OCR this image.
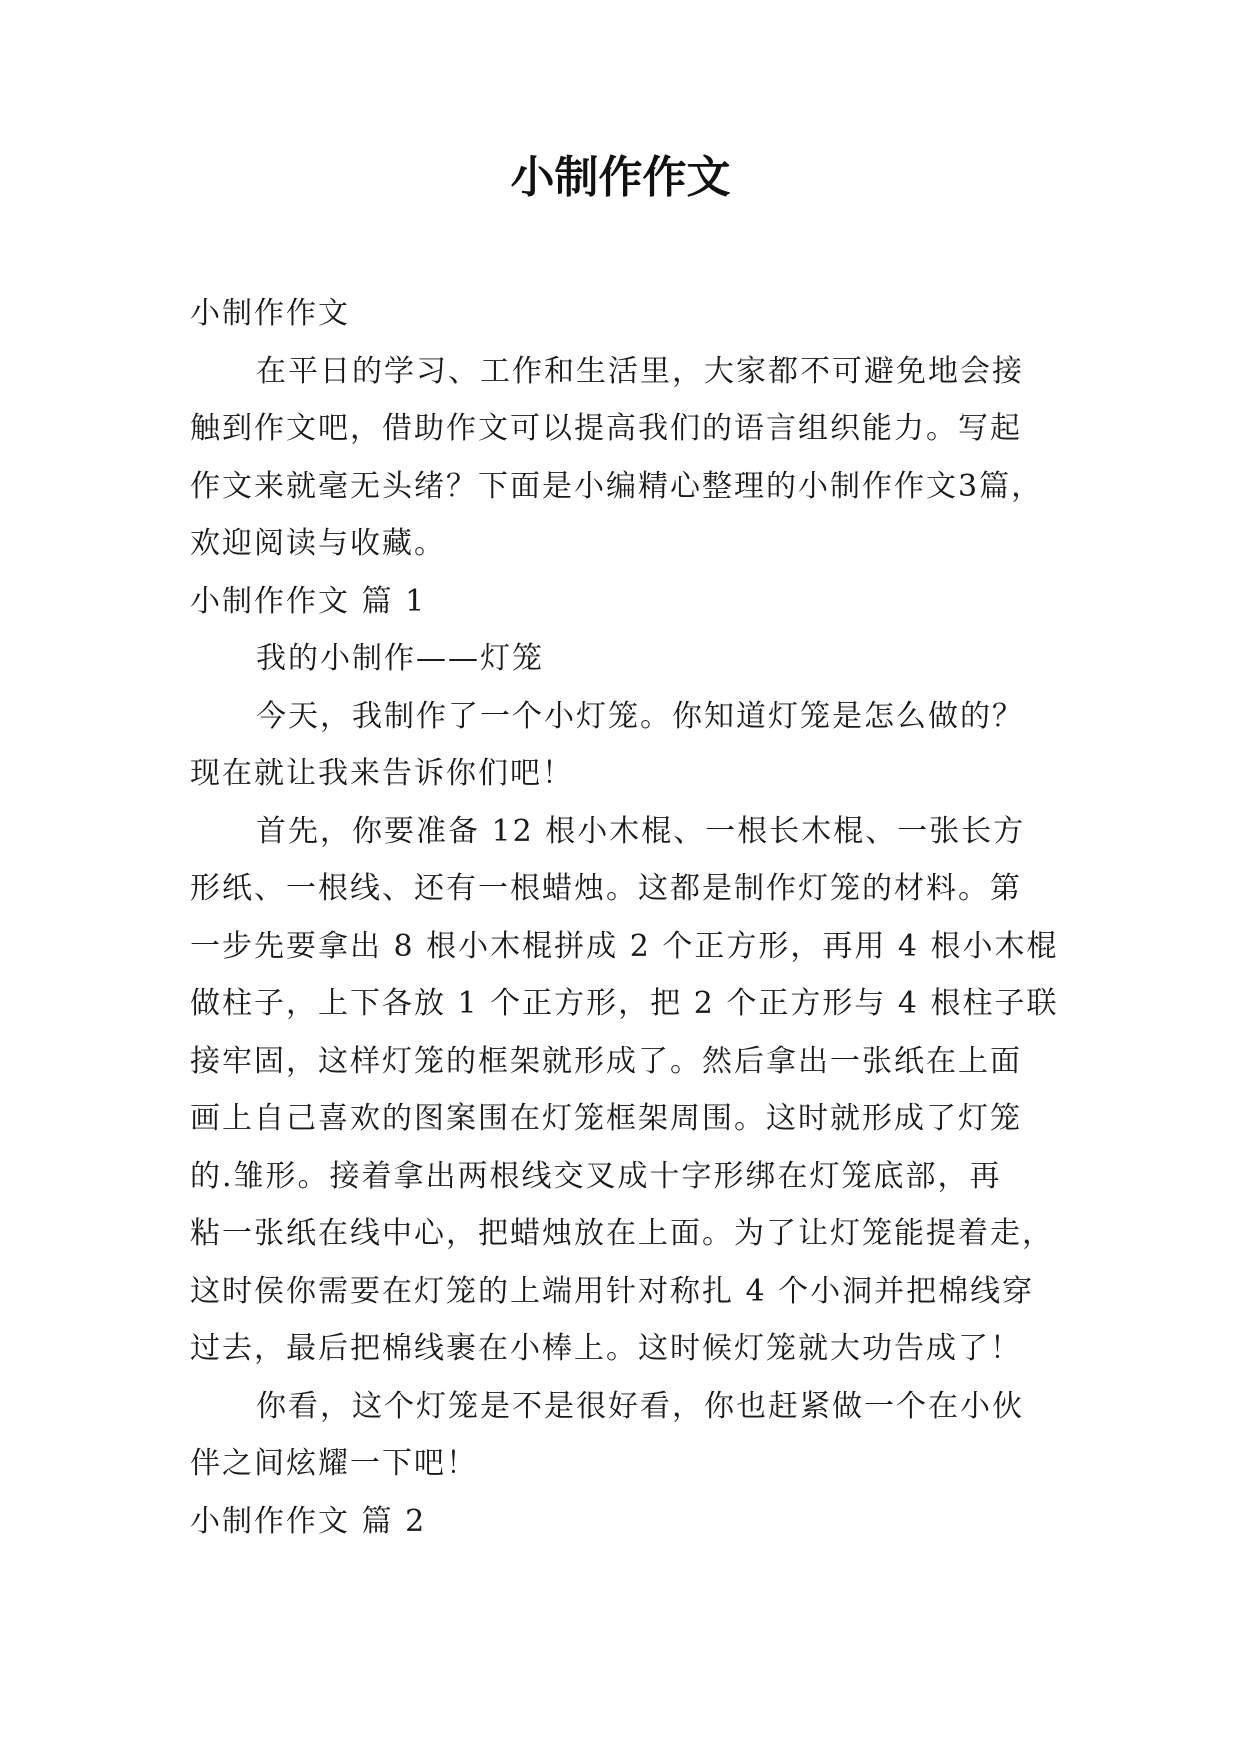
小制作作文
小制作作文
在平日的学习、工作和生活里，大家都不可避免地会接
触到作文吧，借助作文可以提高我们的语言组织能力。写起
作文来就毫无头绪？下面是小编精心整理的小制作作文3篇，
欢迎阅读与收藏。
小制作作文 篇 1
我的小制作——灯笼
今天，我制作了一个小灯笼。你知道灯笼是怎么做的？
现在就让我来告诉你们吧！
首先，你要准备 12 根小木棍、一根长木棍、一张长方
形纸、一根线、还有一根蜡烛。这都是制作灯笼的材料。第
一步先要拿出 8 根小木棍拼成 2 个正方形，再用 4 根小木棍
做柱子，上下各放 1 个正方形，把 2 个正方形与 4 根柱子联
接牢固，这样灯笼的框架就形成了。然后拿出一张纸在上面
画上自己喜欢的图案围在灯笼框架周围。这时就形成了灯笼
的.雏形。接着拿出两根线交叉成十字形绑在灯笼底部，再
粘一张纸在线中心，把蜡烛放在上面。为了让灯笼能提着走，
这时侯你需要在灯笼的上端用针对称扎 4 个小洞并把棉线穿
过去，最后把棉线裹在小棒上。这时候灯笼就大功告成了！
你看，这个灯笼是不是很好看，你也赶紧做一个在小伙
伴之间炫耀一下吧！
小制作作文 篇 2
